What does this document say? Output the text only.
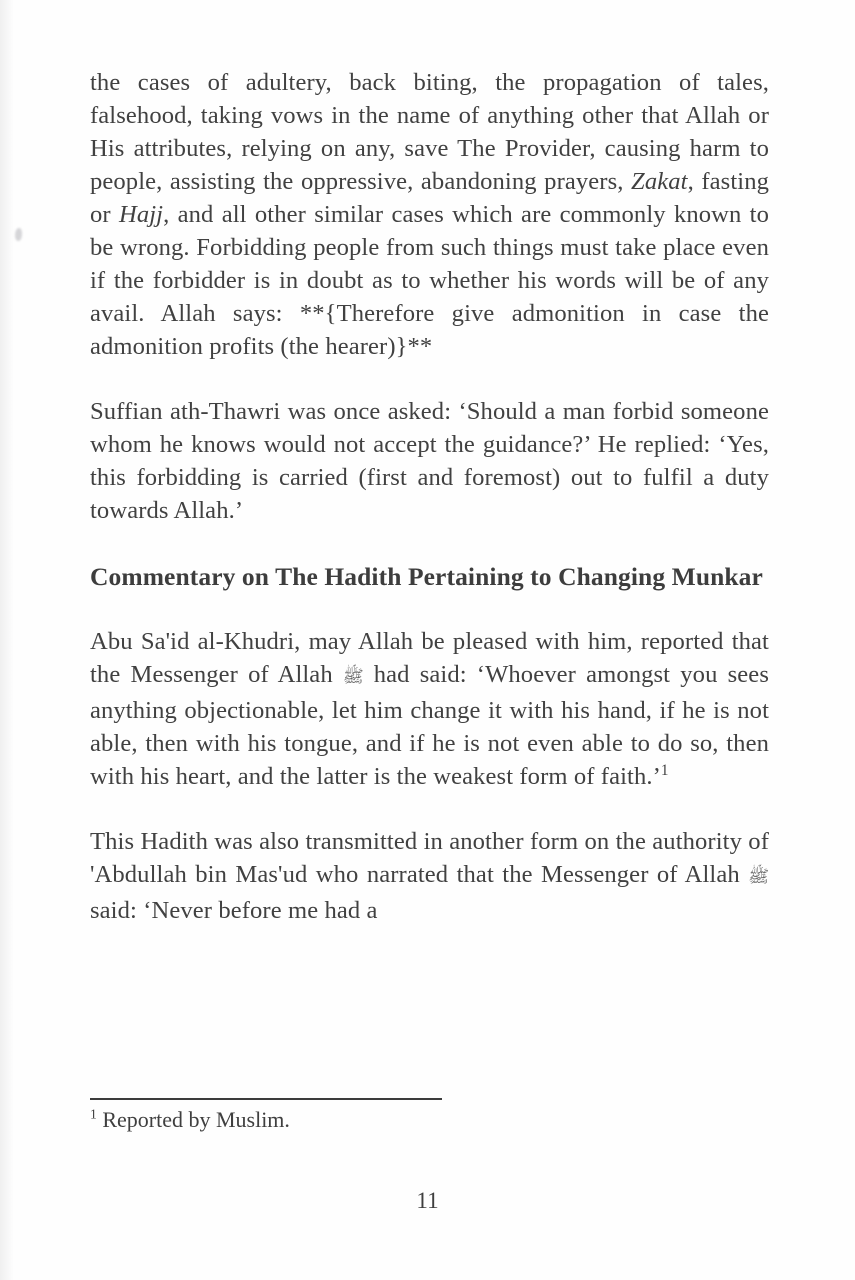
the cases of adultery, back biting, the propagation of tales, falsehood, taking vows in the name of anything other that Allah or His attributes, relying on any, save The Provider, causing harm to people, assisting the oppressive, abandoning prayers, Zakat, fasting or Hajj, and all other similar cases which are commonly known to be wrong. Forbidding people from such things must take place even if the forbidder is in doubt as to whether his words will be of any avail. Allah says: **{Therefore give admonition in case the admonition profits (the hearer)}**

Suffian ath-Thawri was once asked: ‘Should a man forbid someone whom he knows would not accept the guidance?’ He replied: ‘Yes, this forbidding is carried (first and foremost) out to fulfil a duty towards Allah.’

Commentary on The Hadith Pertaining to Changing Munkar

Abu Sa'id al-Khudri, may Allah be pleased with him, reported that the Messenger of Allah ﷺ had said: ‘Whoever amongst you sees anything objectionable, let him change it with his hand, if he is not able, then with his tongue, and if he is not even able to do so, then with his heart, and the latter is the weakest form of faith.’$^1$

This Hadith was also transmitted in another form on the authority of 'Abdullah bin Mas'ud who narrated that the Messenger of Allah ﷺ said: ‘Never before me had a

$^1$ Reported by Muslim.

11
